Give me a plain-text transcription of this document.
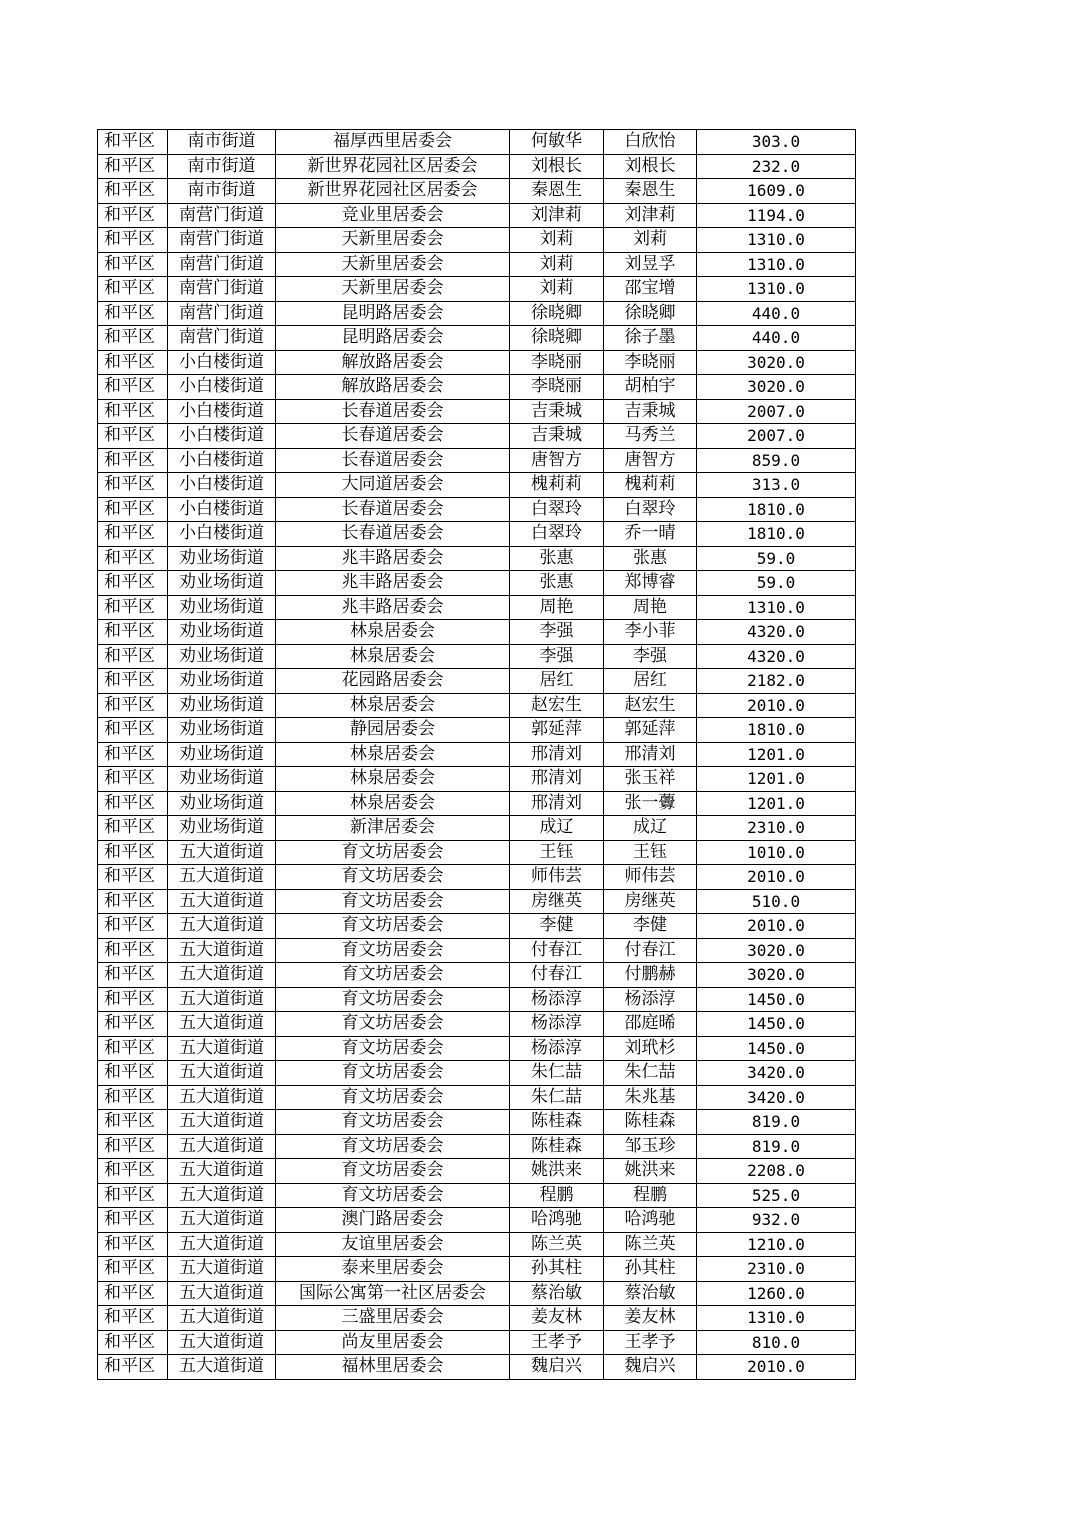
和平区	南市街道	福厚西里居委会	何敏华	白欣怡	303.0
和平区	南市街道	新世界花园社区居委会	刘根长	刘根长	232.0
和平区	南市街道	新世界花园社区居委会	秦恩生	秦恩生	1609.0
和平区	南营门街道	竞业里居委会	刘津莉	刘津莉	1194.0
和平区	南营门街道	天新里居委会	刘莉	刘莉	1310.0
和平区	南营门街道	天新里居委会	刘莉	刘昱孚	1310.0
和平区	南营门街道	天新里居委会	刘莉	邵宝增	1310.0
和平区	南营门街道	昆明路居委会	徐晓卿	徐晓卿	440.0
和平区	南营门街道	昆明路居委会	徐晓卿	徐子墨	440.0
和平区	小白楼街道	解放路居委会	李晓丽	李晓丽	3020.0
和平区	小白楼街道	解放路居委会	李晓丽	胡柏宇	3020.0
和平区	小白楼街道	长春道居委会	吉秉城	吉秉城	2007.0
和平区	小白楼街道	长春道居委会	吉秉城	马秀兰	2007.0
和平区	小白楼街道	长春道居委会	唐智方	唐智方	859.0
和平区	小白楼街道	大同道居委会	槐莉莉	槐莉莉	313.0
和平区	小白楼街道	长春道居委会	白翠玲	白翠玲	1810.0
和平区	小白楼街道	长春道居委会	白翠玲	乔一晴	1810.0
和平区	劝业场街道	兆丰路居委会	张惠	张惠	59.0
和平区	劝业场街道	兆丰路居委会	张惠	郑博睿	59.0
和平区	劝业场街道	兆丰路居委会	周艳	周艳	1310.0
和平区	劝业场街道	林泉居委会	李强	李小菲	4320.0
和平区	劝业场街道	林泉居委会	李强	李强	4320.0
和平区	劝业场街道	花园路居委会	居红	居红	2182.0
和平区	劝业场街道	林泉居委会	赵宏生	赵宏生	2010.0
和平区	劝业场街道	静园居委会	郭延萍	郭延萍	1810.0
和平区	劝业场街道	林泉居委会	邢清刘	邢清刘	1201.0
和平区	劝业场街道	林泉居委会	邢清刘	张玉祥	1201.0
和平区	劝业场街道	林泉居委会	邢清刘	张一虋	1201.0
和平区	劝业场街道	新津居委会	成辽	成辽	2310.0
和平区	五大道街道	育文坊居委会	王钰	王钰	1010.0
和平区	五大道街道	育文坊居委会	师伟芸	师伟芸	2010.0
和平区	五大道街道	育文坊居委会	房继英	房继英	510.0
和平区	五大道街道	育文坊居委会	李健	李健	2010.0
和平区	五大道街道	育文坊居委会	付春江	付春江	3020.0
和平区	五大道街道	育文坊居委会	付春江	付鹏赫	3020.0
和平区	五大道街道	育文坊居委会	杨添淳	杨添淳	1450.0
和平区	五大道街道	育文坊居委会	杨添淳	邵庭晞	1450.0
和平区	五大道街道	育文坊居委会	杨添淳	刘玳杉	1450.0
和平区	五大道街道	育文坊居委会	朱仁喆	朱仁喆	3420.0
和平区	五大道街道	育文坊居委会	朱仁喆	朱兆基	3420.0
和平区	五大道街道	育文坊居委会	陈桂森	陈桂森	819.0
和平区	五大道街道	育文坊居委会	陈桂森	邹玉珍	819.0
和平区	五大道街道	育文坊居委会	姚洪来	姚洪来	2208.0
和平区	五大道街道	育文坊居委会	程鹏	程鹏	525.0
和平区	五大道街道	澳门路居委会	哈鸿驰	哈鸿驰	932.0
和平区	五大道街道	友谊里居委会	陈兰英	陈兰英	1210.0
和平区	五大道街道	泰来里居委会	孙其柱	孙其柱	2310.0
和平区	五大道街道	国际公寓第一社区居委会	蔡治敏	蔡治敏	1260.0
和平区	五大道街道	三盛里居委会	姜友林	姜友林	1310.0
和平区	五大道街道	尚友里居委会	王孝予	王孝予	810.0
和平区	五大道街道	福林里居委会	魏启兴	魏启兴	2010.0
